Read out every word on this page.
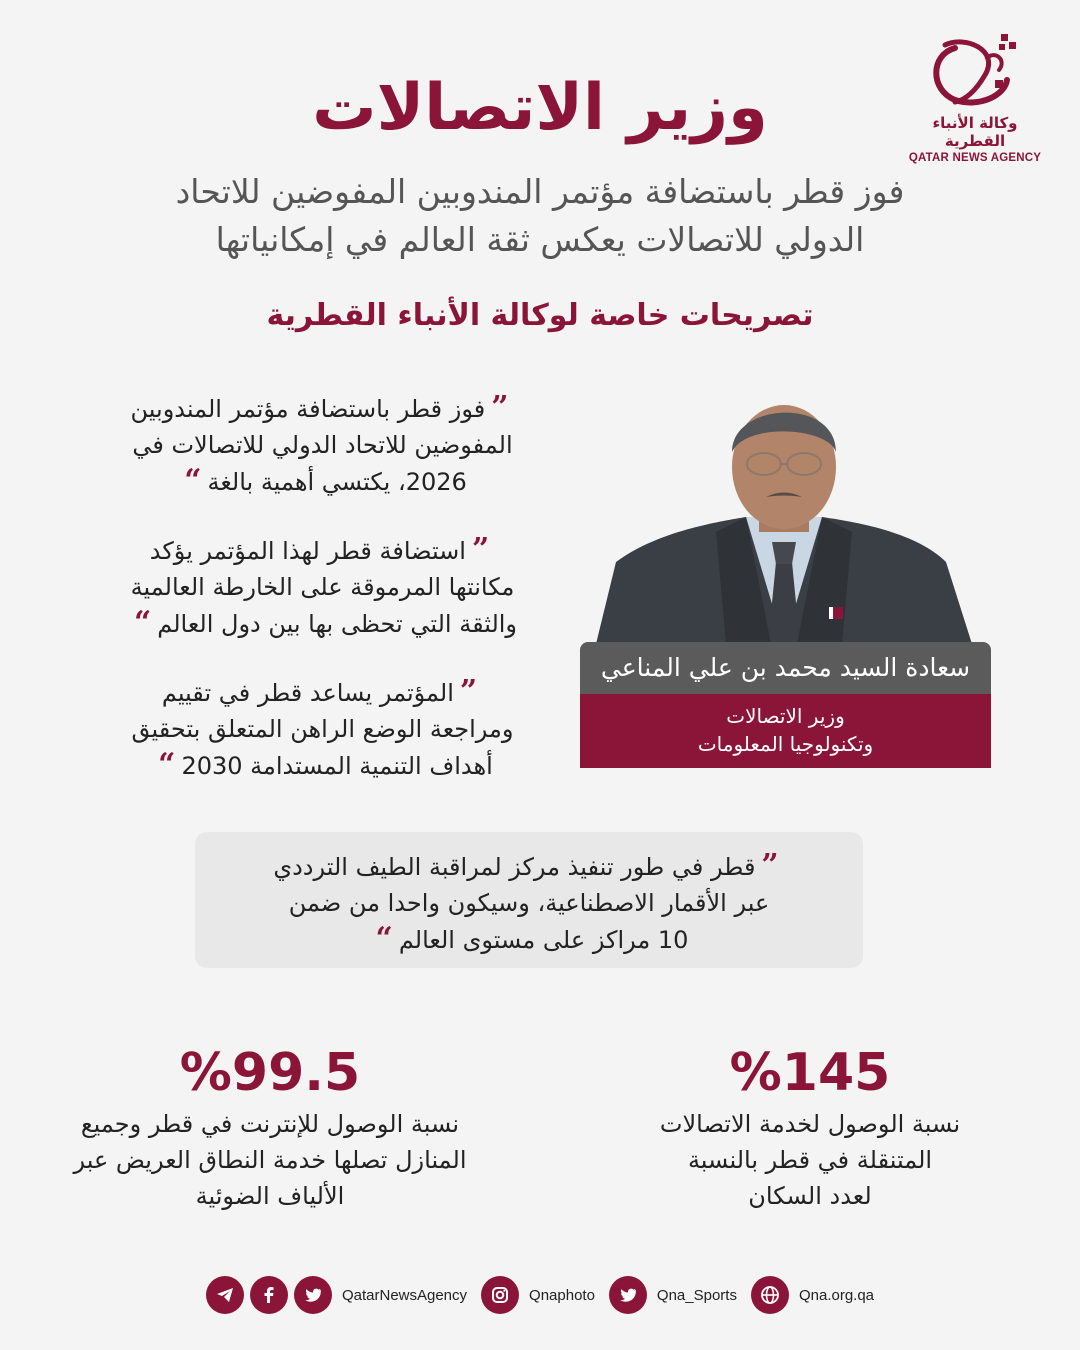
وكالة الأنباء القطرية
QATAR NEWS AGENCY
وزير الاتصالات
فوز قطر باستضافة مؤتمر المندوبين المفوضين للاتحاد
الدولي للاتصالات يعكس ثقة العالم في إمكانياتها
تصريحات خاصة لوكالة الأنباء القطرية
”فوز قطر باستضافة مؤتمر المندوبين
المفوضين للاتحاد الدولي للاتصالات في
2026، يكتسي أهمية بالغة“
”استضافة قطر لهذا المؤتمر يؤكد
مكانتها المرموقة على الخارطة العالمية
والثقة التي تحظى بها بين دول العالم“
”المؤتمر يساعد قطر في تقييم
ومراجعة الوضع الراهن المتعلق بتحقيق
أهداف التنمية المستدامة 2030“
سعادة السيد محمد بن علي المناعي
وزير الاتصالات
وتكنولوجيا المعلومات
”قطر في طور تنفيذ مركز لمراقبة الطيف الترددي
عبر الأقمار الاصطناعية، وسيكون واحدا من ضمن
10 مراكز على مستوى العالم“
%145
نسبة الوصول لخدمة الاتصالات
المتنقلة في قطر بالنسبة
لعدد السكان
%99.5
نسبة الوصول للإنترنت في قطر وجميع
المنازل تصلها خدمة النطاق العريض عبر
الألياف الضوئية
QatarNewsAgency	Qnaphoto	Qna_Sports	Qna.org.qa
